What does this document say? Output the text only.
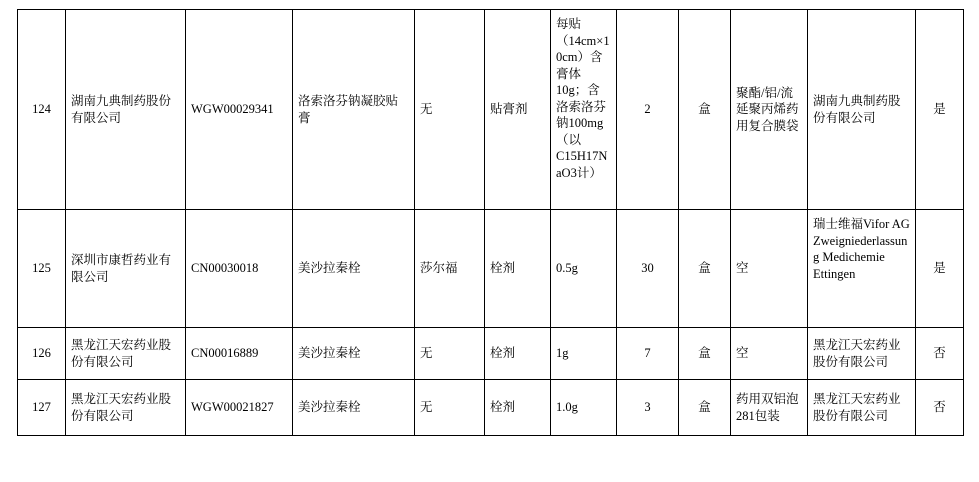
124	湖南九典制药股份有限公司	WGW00029341	洛索洛芬钠凝胶贴膏	无	贴膏剂	每贴（14cm×10cm）含膏体10g；含洛索洛芬钠100mg（以C15H17NaO3计）	2	盒	聚酯/铝/流延聚丙烯药用复合膜袋	湖南九典制药股份有限公司	是
125	深圳市康哲药业有限公司	CN00030018	美沙拉秦栓	莎尔福	栓剂	0.5g	30	盒	空	瑞士维福Vifor AG Zweigniederlassung Medichemie Ettingen	是
126	黑龙江天宏药业股份有限公司	CN00016889	美沙拉秦栓	无	栓剂	1g	7	盒	空	黑龙江天宏药业股份有限公司	否
127	黑龙江天宏药业股份有限公司	WGW00021827	美沙拉秦栓	无	栓剂	1.0g	3	盒	药用双铝泡281包装	黑龙江天宏药业股份有限公司	否
